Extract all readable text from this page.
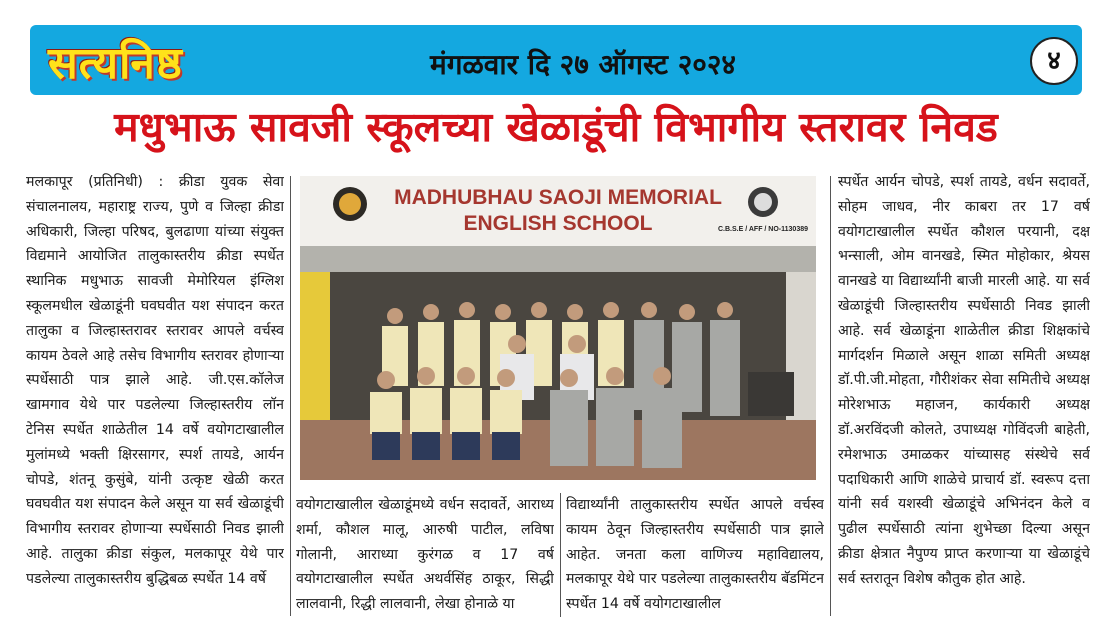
सत्यनिष्ठ	मंगळवार दि २७ ऑगस्ट २०२४	४
मधुभाऊ सावजी स्कूलच्या खेळाडूंची विभागीय स्तरावर निवड
मलकापूर (प्रतिनिधी) : क्रीडा युवक सेवा संचालनालय, महाराष्ट्र राज्य, पुणे व जिल्हा क्रीडा अधिकारी, जिल्हा परिषद, बुलढाणा यांच्या संयुक्त विद्यमाने आयोजित तालुकास्तरीय क्रीडा स्पर्धेत स्थानिक मधुभाऊ सावजी मेमोरियल इंग्लिश स्कूलमधील खेळाडूंनी घवघवीत यश संपादन करत तालुका व जिल्हास्तरावर स्तरावर आपले वर्चस्व कायम ठेवले आहे तसेच विभागीय स्तरावर होणाऱ्या स्पर्धेसाठी पात्र झाले आहे. जी.एस.कॉलेज खामगाव येथे पार पडलेल्या जिल्हास्तरीय लॉन टेनिस स्पर्धेत शाळेतील 14 वर्षे वयोगटाखालील मुलांमध्ये भक्ती क्षिरसागर, स्पर्श तायडे, आर्यन चोपडे, शंतनू कुसुंबे, यांनी उत्कृष्ट खेळी करत घवघवीत यश संपादन केले असून या सर्व खेळाडूंची विभागीय स्तरावर होणाऱ्या स्पर्धेसाठी निवड झाली आहे. तालुका क्रीडा संकुल, मलकापूर येथे पार पडलेल्या तालुकास्तरीय बुद्धिबळ स्पर्धेत 14 वर्षे
MADHUBHAU SAOJI MEMORIAL
ENGLISH SCHOOL	C.B.S.E / AFF / NO-1130389
वयोगटाखालील खेळाडूंमध्ये वर्धन सदावर्ते, आराध्य शर्मा, कौशल मालू, आरुषी पाटील, लविषा गोलानी, आराध्या कुरंगळ व 17 वर्ष वयोगटाखालील स्पर्धेत अथर्वसिंह ठाकूर, सिद्धी लालवानी, रिद्धी लालवानी, लेखा होनाळे या
विद्यार्थ्यांनी तालुकास्तरीय स्पर्धेत आपले वर्चस्व कायम ठेवून जिल्हास्तरीय स्पर्धेसाठी पात्र झाले आहेत. जनता कला वाणिज्य महाविद्यालय, मलकापूर येथे पार पडलेल्या तालुकास्तरीय बॅडमिंटन स्पर्धेत 14 वर्षे वयोगटाखालील
स्पर्धेत आर्यन चोपडे, स्पर्श तायडे, वर्धन सदावर्ते, सोहम जाधव, नीर काबरा तर 17 वर्ष वयोगटाखालील स्पर्धेत कौशल परयानी, दक्ष भन्साली, ओम वानखडे, स्मित मोहोकार, श्रेयस वानखडे या विद्यार्थ्यांनी बाजी मारली आहे. या सर्व खेळाडूंची जिल्हास्तरीय स्पर्धेसाठी निवड झाली आहे. सर्व खेळाडूंना शाळेतील क्रीडा शिक्षकांचे मार्गदर्शन मिळाले असून शाळा समिती अध्यक्ष डॉ.पी.जी.मोहता, गौरीशंकर सेवा समितीचे अध्यक्ष मोरेशभाऊ महाजन, कार्यकारी अध्यक्ष डॉ.अरविंदजी कोलते, उपाध्यक्ष गोविंदजी बाहेती, रमेशभाऊ उमाळकर यांच्यासह संस्थेचे सर्व पदाधिकारी आणि शाळेचे प्राचार्य डॉ. स्वरूप दत्ता यांनी सर्व यशस्वी खेळाडूंचे अभिनंदन केले व पुढील स्पर्धेसाठी त्यांना शुभेच्छा दिल्या असून क्रीडा क्षेत्रात नैपुण्य प्राप्त करणाऱ्या या खेळाडूंचे सर्व स्तरातून विशेष कौतुक होत आहे.
